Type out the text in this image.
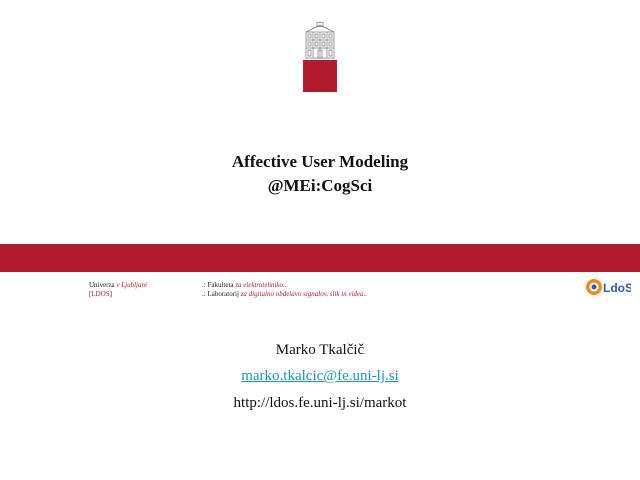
Affective User Modeling
@MEi:CogSci
Univerza v Ljubljani
[LDOS]
.: Fakulteta za elektrotehniko..
.: Laboratorij za digitalno obdelavo signalov, slik in videa..	LdoS
Marko Tkalčič
marko.tkalcic@fe.uni-lj.si
http://ldos.fe.uni-lj.si/markot
